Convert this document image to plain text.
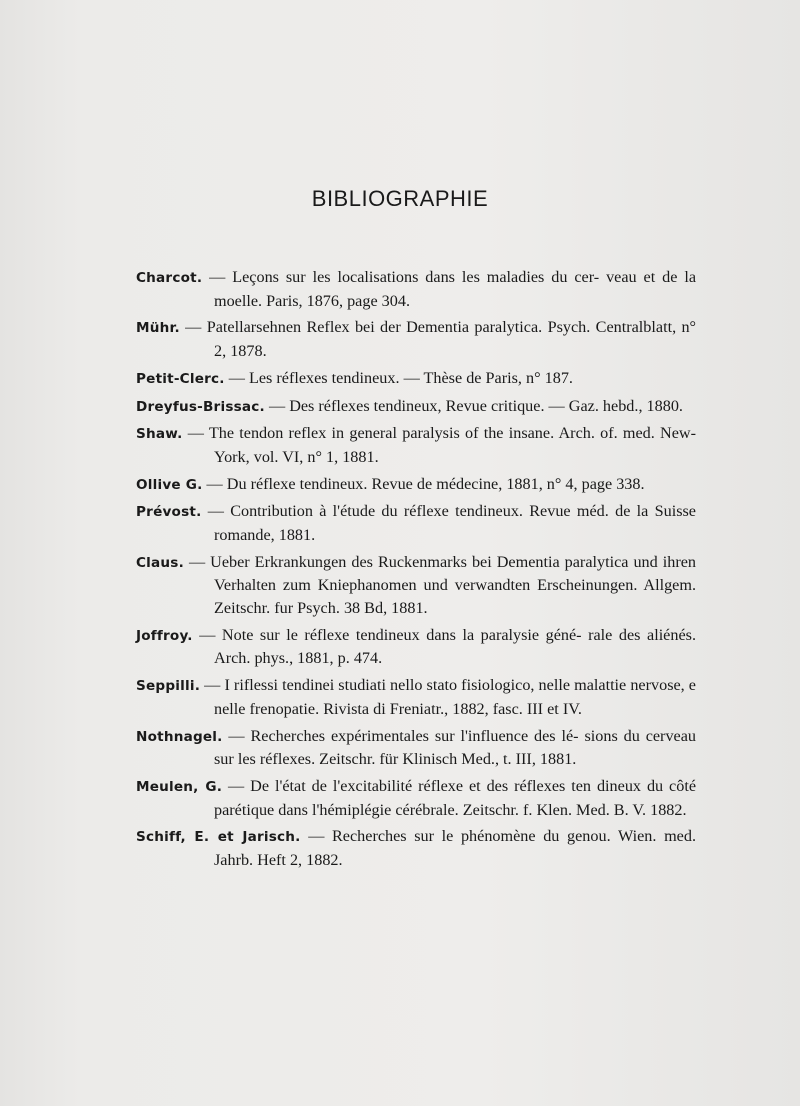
BIBLIOGRAPHIE

Charcot. — Leçons sur les localisations dans les maladies du cer- veau et de la moelle. Paris, 1876, page 304.

Mühr. — Patellarsehnen Reflex bei der Dementia paralytica. Psych. Centralblatt, n° 2, 1878.

Petit-Clerc. — Les réflexes tendineux. — Thèse de Paris, n° 187.

Dreyfus-Brissac. — Des réflexes tendineux, Revue critique. — Gaz. hebd., 1880.

Shaw. — The tendon reflex in general paralysis of the insane. Arch. of. med. New-York, vol. VI, n° 1, 1881.

Ollive G. — Du réflexe tendineux. Revue de médecine, 1881, n° 4, page 338.

Prévost. — Contribution à l'étude du réflexe tendineux. Revue méd. de la Suisse romande, 1881.

Claus. — Ueber Erkrankungen des Ruckenmarks bei Dementia paralytica und ihren Verhalten zum Kniephanomen und verwandten Erscheinungen. Allgem. Zeitschr. fur Psych. 38 Bd, 1881.

Joffroy. — Note sur le réflexe tendineux dans la paralysie géné- rale des aliénés. Arch. phys., 1881, p. 474.

Seppilli. — I riflessi tendinei studiati nello stato fisiologico, nelle malattie nervose, e nelle frenopatie. Rivista di Freniatr., 1882, fasc. III et IV.

Nothnagel. — Recherches expérimentales sur l'influence des lé- sions du cerveau sur les réflexes. Zeitschr. für Klinisch Med., t. III, 1881.

Meulen, G. — De l'état de l'excitabilité réflexe et des réflexes ten dineux du côté parétique dans l'hémiplégie cérébrale. Zeitschr. f. Klen. Med. B. V. 1882.

Schiff, E. et Jarisch. — Recherches sur le phénomène du genou. Wien. med. Jahrb. Heft 2, 1882.
